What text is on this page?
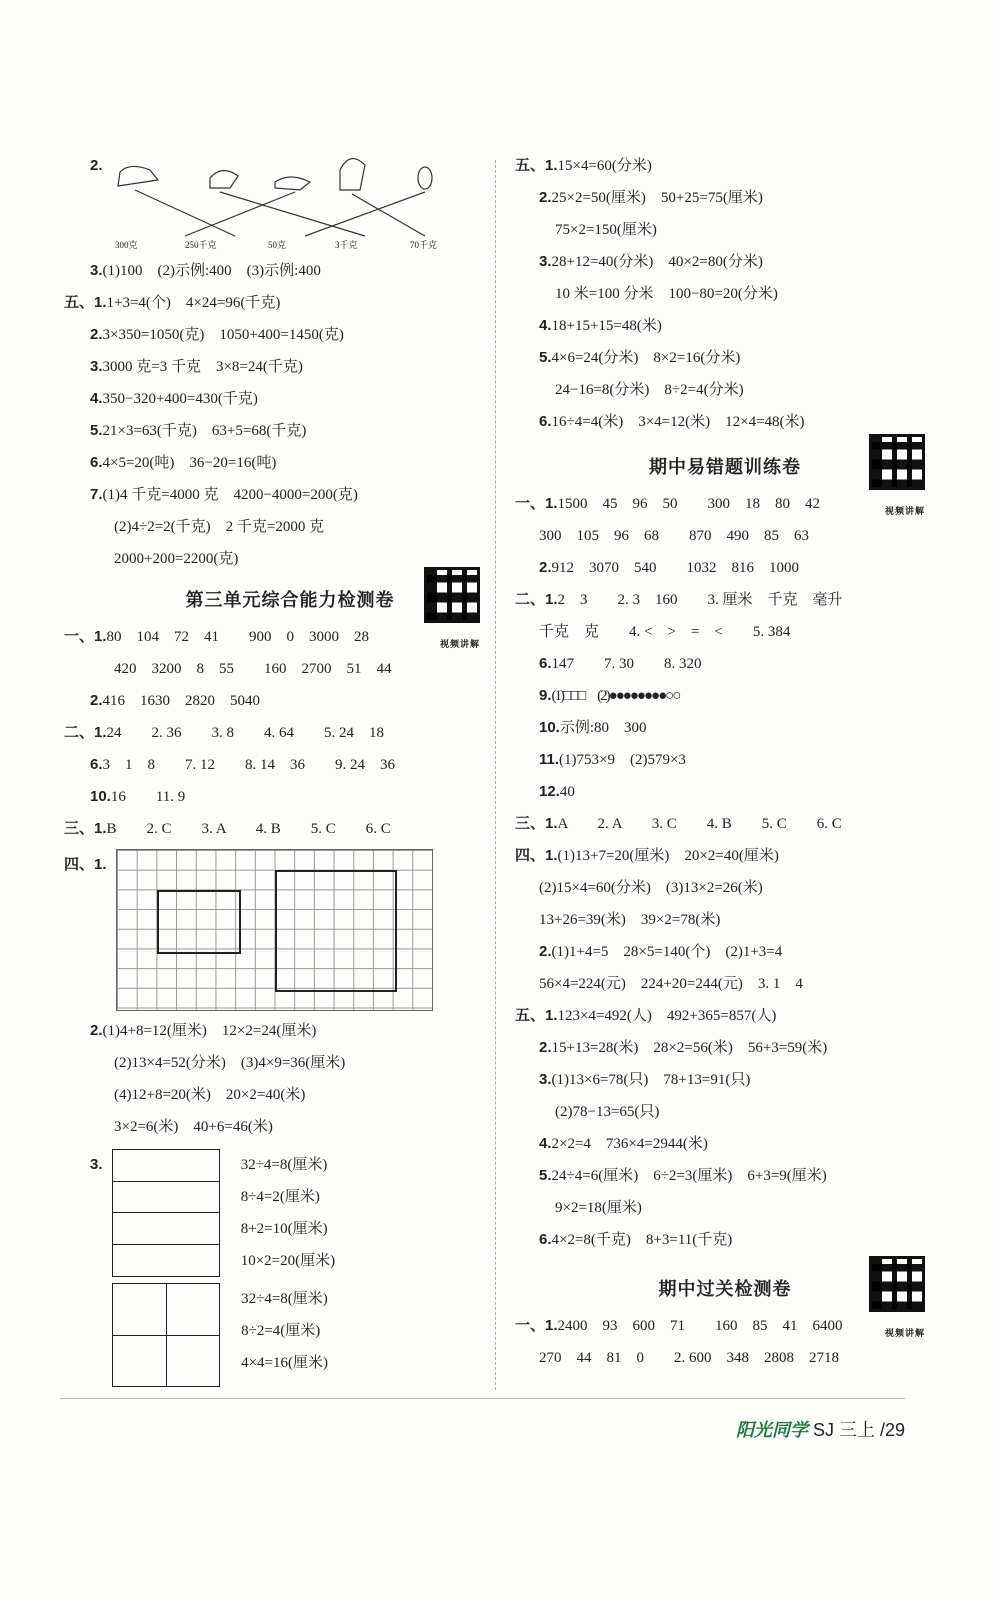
2.
300克	250千克	50克	3千克	70千克
3.(1)100　(2)示例:400　(3)示例:400
五、1.1+3=4(个)　4×24=96(千克)
2.3×350=1050(克)　1050+400=1450(克)
3.3000 克=3 千克　3×8=24(千克)
4.350−320+400=430(千克)
5.21×3=63(千克)　63+5=68(千克)
6.4×5=20(吨)　36−20=16(吨)
7.(1)4 千克=4000 克　4200−4000=200(克)
(2)4÷2=2(千克)　2 千克=2000 克
2000+200=2200(克)
第三单元综合能力检测卷
视频讲解
一、1.80　104　72　41　　900　0　3000　28
420　3200　8　55　　160　2700　51　44
2.416　1630　2820　5040
二、1.24　　2. 36　　3. 8　　4. 64　　5. 24　18
6.3　1　8　　7. 12　　8. 14　36　　9. 24　36
10.16　　11. 9
三、1.B　　2. C　　3. A　　4. B　　5. C　　6. C
四、1.
2.(1)4+8=12(厘米)　12×2=24(厘米)
(2)13×4=52(分米)　(3)4×9=36(厘米)
(4)12+8=20(米)　20×2=40(米)
3×2=6(米)　40+6=46(米)
3.
	32÷4=8(厘米)
8÷4=2(厘米)
8+2=10(厘米)
10×2=20(厘米)

32÷4=8(厘米)
8÷2=4(厘米)
4×4=16(厘米)
五、1.15×4=60(分米)
2.25×2=50(厘米)　50+25=75(厘米)
75×2=150(厘米)
3.28+12=40(分米)　40×2=80(分米)
10 米=100 分米　100−80=20(分米)
4.18+15+15=48(米)
5.4×6=24(分米)　8×2=16(分米)
24−16=8(分米)　8÷2=4(分米)
6.16÷4=4(米)　3×4=12(米)　12×4=48(米)
期中易错题训练卷
视频讲解
一、1.1500　45　96　50　　300　18　80　42
300　105　96　68　　870　490　85　63
2.912　3070　540　　1032　816　1000
二、1.2　3　　2. 3　160　　3. 厘米　千克　毫升
千克　克　　4. <　>　=　<　　5. 384
6.147　　7. 30　　8. 320
9.(1)□□□　(2)●●●●●●●●○○
10.示例:80　300
11.(1)753×9　(2)579×3
12.40
三、1.A　　2. A　　3. C　　4. B　　5. C　　6. C
四、1.(1)13+7=20(厘米)　20×2=40(厘米)
(2)15×4=60(分米)　(3)13×2=26(米)
13+26=39(米)　39×2=78(米)
2.(1)1+4=5　28×5=140(个)　(2)1+3=4
56×4=224(元)　224+20=244(元)　3. 1　4
五、1.123×4=492(人)　492+365=857(人)
2.15+13=28(米)　28×2=56(米)　56+3=59(米)
3.(1)13×6=78(只)　78+13=91(只)
(2)78−13=65(只)
4.2×2=4　736×4=2944(米)
5.24÷4=6(厘米)　6÷2=3(厘米)　6+3=9(厘米)
9×2=18(厘米)
6.4×2=8(千克)　8+3=11(千克)
期中过关检测卷
视频讲解
一、1.2400　93　600　71　　160　85　41　6400
270　44　81　0　　2. 600　348　2808　2718
阳光同学 SJ 三上 /29
